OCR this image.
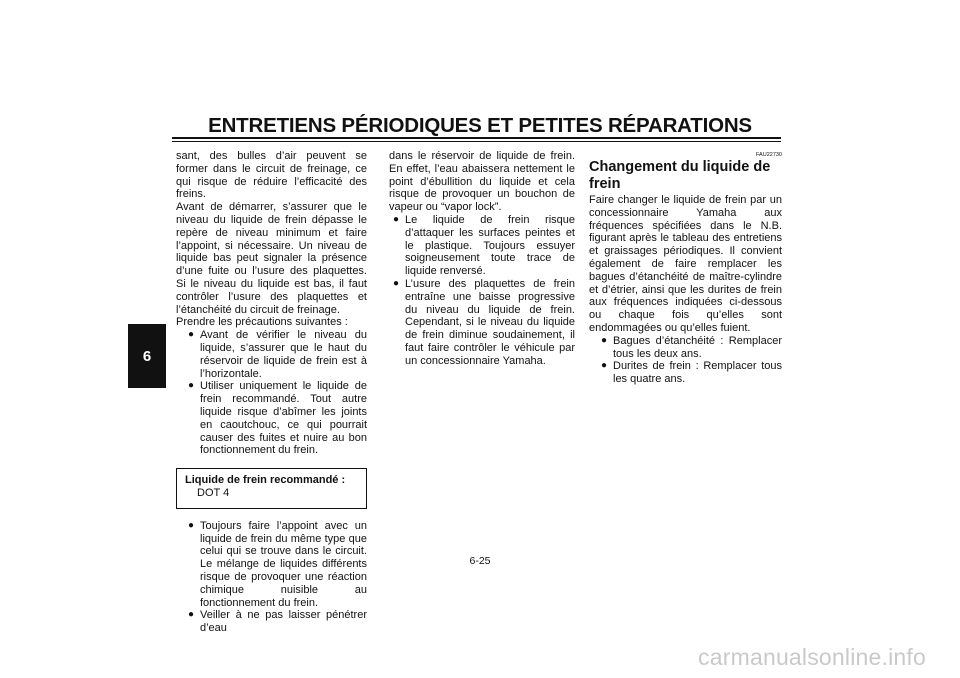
ENTRETIENS PÉRIODIQUES ET PETITES RÉPARATIONS
6

sant, des bulles d’air peuvent se former dans le circuit de freinage, ce qui risque de réduire l’efficacité des freins.

Avant de démarrer, s’assurer que le niveau du liquide de frein dépasse le repère de niveau minimum et faire l’appoint, si nécessaire. Un niveau de liquide bas peut signaler la présence d’une fuite ou l’usure des plaquettes. Si le niveau du liquide est bas, il faut contrôler l’usure des plaquettes et l’étanchéité du circuit de freinage.

Prendre les précautions suivantes :

● Avant de vérifier le niveau du liquide, s’assurer que le haut du réservoir de liquide de frein est à l’horizontale.
● Utiliser uniquement le liquide de frein recommandé. Tout autre liquide risque d’abîmer les joints en caoutchouc, ce qui pourrait causer des fuites et nuire au bon fonctionnement du frein.
Liquide de frein recommandé :
DOT 4
● Toujours faire l’appoint avec un liquide de frein du même type que celui qui se trouve dans le circuit. Le mélange de liquides différents risque de provoquer une réaction chimique nuisible au fonctionnement du frein.
● Veiller à ne pas laisser pénétrer d’eau

dans le réservoir de liquide de frein. En effet, l’eau abaissera nettement le point d’ébullition du liquide et cela risque de provoquer un bouchon de vapeur ou “vapor lock”.

● Le liquide de frein risque d’attaquer les surfaces peintes et le plastique. Toujours essuyer soigneusement toute trace de liquide renversé.
● L’usure des plaquettes de frein entraîne une baisse progressive du niveau du liquide de frein. Cependant, si le niveau du liquide de frein diminue soudainement, il faut faire contrôler le véhicule par un concessionnaire Yamaha.
FAU22730
Changement du liquide de frein

Faire changer le liquide de frein par un concessionnaire Yamaha aux fréquences spécifiées dans le N.B. figurant après le tableau des entretiens et graissages périodiques. Il convient également de faire remplacer les bagues d’étanchéité de maître-cylindre et d’étrier, ainsi que les durites de frein aux fréquences indiquées ci-dessous ou chaque fois qu’elles sont endommagées ou qu’elles fuient.

● Bagues d’étanchéité : Remplacer tous les deux ans.
● Durites de frein : Remplacer tous les quatre ans.
6-25
carmanualsonline.info
